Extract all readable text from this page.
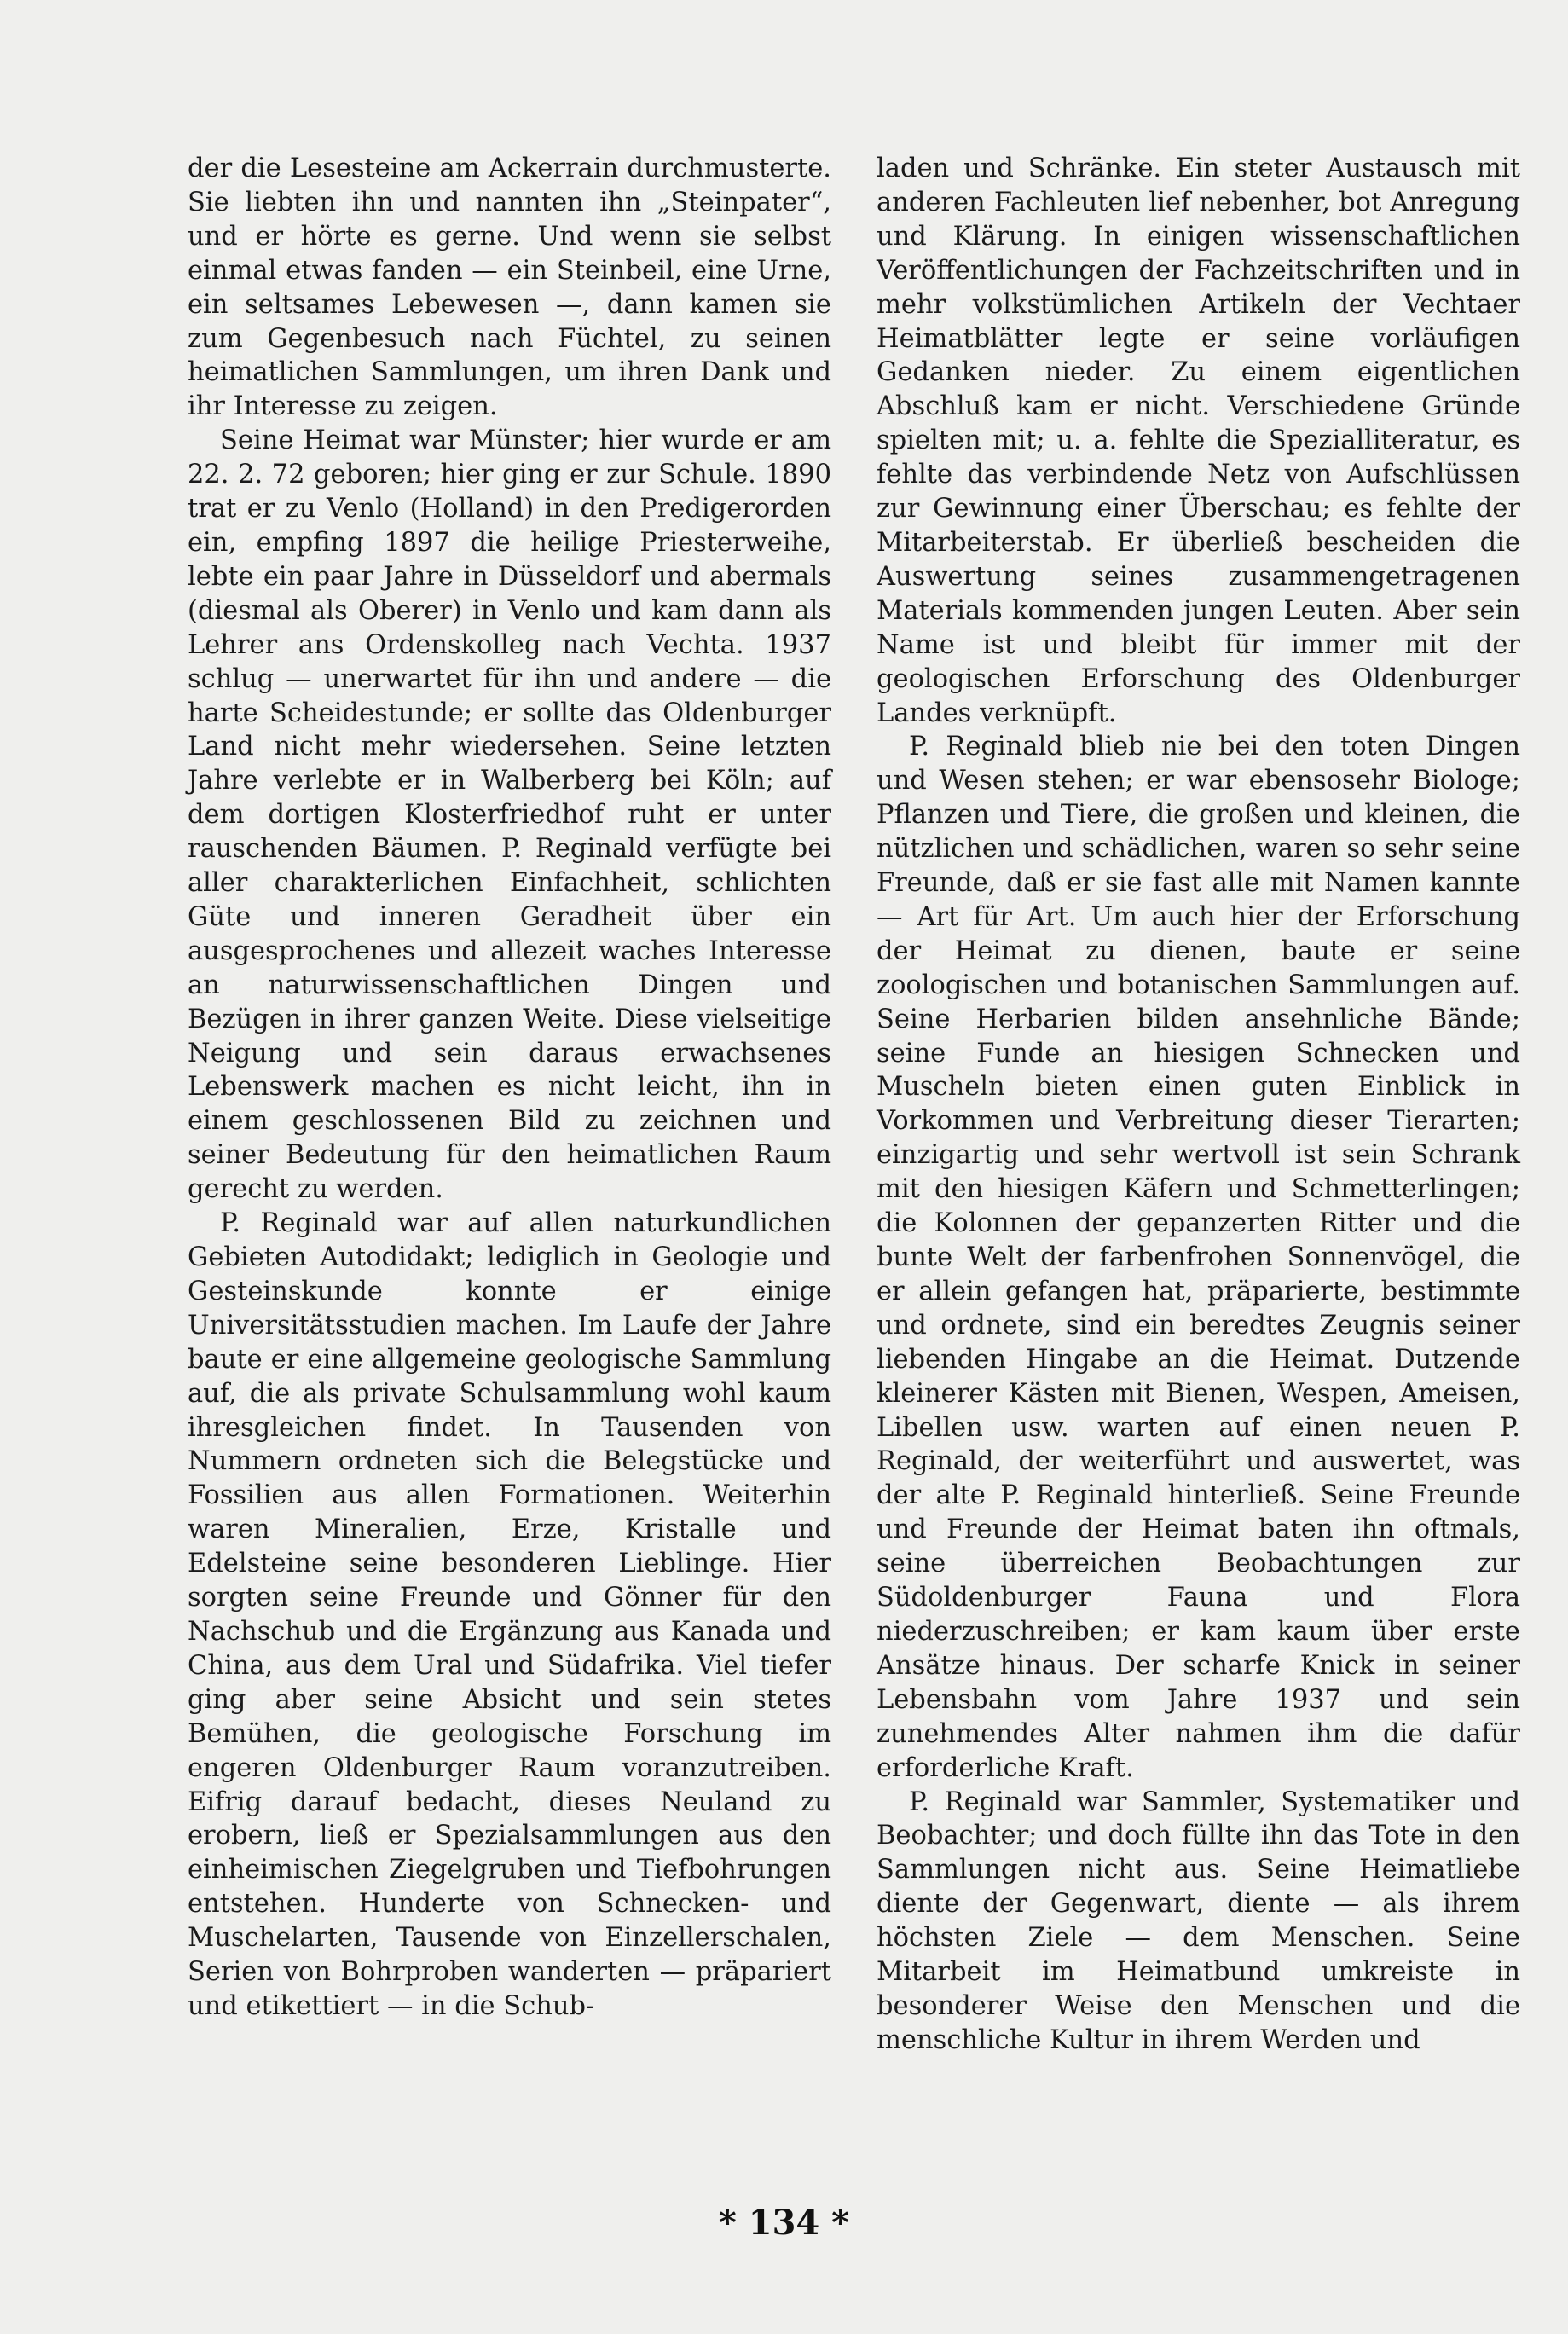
der die Lesesteine am Ackerrain durchmusterte. Sie liebten ihn und nannten ihn „Steinpater“, und er hörte es gerne. Und wenn sie selbst einmal etwas fanden — ein Steinbeil, eine Urne, ein seltsames Lebewesen —, dann kamen sie zum Gegenbesuch nach Füchtel, zu seinen heimatlichen Sammlungen, um ihren Dank und ihr Interesse zu zeigen.

Seine Heimat war Münster; hier wurde er am 22. 2. 72 geboren; hier ging er zur Schule. 1890 trat er zu Venlo (Holland) in den Predigerorden ein, empfing 1897 die heilige Priesterweihe, lebte ein paar Jahre in Düsseldorf und abermals (diesmal als Oberer) in Venlo und kam dann als Lehrer ans Ordenskolleg nach Vechta. 1937 schlug — unerwartet für ihn und andere — die harte Scheidestunde; er sollte das Oldenburger Land nicht mehr wiedersehen. Seine letzten Jahre verlebte er in Walberberg bei Köln; auf dem dortigen Klosterfriedhof ruht er unter rauschenden Bäumen. P. Reginald verfügte bei aller charakterlichen Einfachheit, schlichten Güte und inneren Geradheit über ein ausgesprochenes und allezeit waches Interesse an naturwissenschaftlichen Dingen und Bezügen in ihrer ganzen Weite. Diese vielseitige Neigung und sein daraus erwachsenes Lebenswerk machen es nicht leicht, ihn in einem geschlossenen Bild zu zeichnen und seiner Bedeutung für den heimatlichen Raum gerecht zu werden.

P. Reginald war auf allen naturkundlichen Gebieten Autodidakt; lediglich in Geologie und Gesteinskunde konnte er einige Universitätsstudien machen. Im Laufe der Jahre baute er eine allgemeine geologische Sammlung auf, die als private Schulsammlung wohl kaum ihresgleichen findet. In Tausenden von Nummern ordneten sich die Belegstücke und Fossilien aus allen Formationen. Weiterhin waren Mineralien, Erze, Kristalle und Edelsteine seine besonderen Lieblinge. Hier sorgten seine Freunde und Gönner für den Nachschub und die Ergänzung aus Kanada und China, aus dem Ural und Südafrika. Viel tiefer ging aber seine Absicht und sein stetes Bemühen, die geologische Forschung im engeren Oldenburger Raum voranzutreiben. Eifrig darauf bedacht, dieses Neuland zu erobern, ließ er Spezialsammlungen aus den einheimischen Ziegelgruben und Tiefbohrungen entstehen. Hunderte von Schnecken- und Muschelarten, Tausende von Einzellerschalen, Serien von Bohrproben wanderten — präpariert und etikettiert — in die Schub-

laden und Schränke. Ein steter Austausch mit anderen Fachleuten lief nebenher, bot Anregung und Klärung. In einigen wissenschaftlichen Veröffentlichungen der Fachzeitschriften und in mehr volkstümlichen Artikeln der Vechtaer Heimatblätter legte er seine vorläufigen Gedanken nieder. Zu einem eigentlichen Abschluß kam er nicht. Verschiedene Gründe spielten mit; u. a. fehlte die Spezialliteratur, es fehlte das verbindende Netz von Aufschlüssen zur Gewinnung einer Überschau; es fehlte der Mitarbeiterstab. Er überließ bescheiden die Auswertung seines zusammengetragenen Materials kommenden jungen Leuten. Aber sein Name ist und bleibt für immer mit der geologischen Erforschung des Oldenburger Landes verknüpft.

P. Reginald blieb nie bei den toten Dingen und Wesen stehen; er war ebensosehr Biologe; Pflanzen und Tiere, die großen und kleinen, die nützlichen und schädlichen, waren so sehr seine Freunde, daß er sie fast alle mit Namen kannte — Art für Art. Um auch hier der Erforschung der Heimat zu dienen, baute er seine zoologischen und botanischen Sammlungen auf. Seine Herbarien bilden ansehnliche Bände; seine Funde an hiesigen Schnecken und Muscheln bieten einen guten Einblick in Vorkommen und Verbreitung dieser Tierarten; einzigartig und sehr wertvoll ist sein Schrank mit den hiesigen Käfern und Schmetterlingen; die Kolonnen der gepanzerten Ritter und die bunte Welt der farbenfrohen Sonnenvögel, die er allein gefangen hat, präparierte, bestimmte und ordnete, sind ein beredtes Zeugnis seiner liebenden Hingabe an die Heimat. Dutzende kleinerer Kästen mit Bienen, Wespen, Ameisen, Libellen usw. warten auf einen neuen P. Reginald, der weiterführt und auswertet, was der alte P. Reginald hinterließ. Seine Freunde und Freunde der Heimat baten ihn oftmals, seine überreichen Beobachtungen zur Südoldenburger Fauna und Flora niederzuschreiben; er kam kaum über erste Ansätze hinaus. Der scharfe Knick in seiner Lebensbahn vom Jahre 1937 und sein zunehmendes Alter nahmen ihm die dafür erforderliche Kraft.

P. Reginald war Sammler, Systematiker und Beobachter; und doch füllte ihn das Tote in den Sammlungen nicht aus. Seine Heimatliebe diente der Gegenwart, diente — als ihrem höchsten Ziele — dem Menschen. Seine Mitarbeit im Heimatbund umkreiste in besonderer Weise den Menschen und die menschliche Kultur in ihrem Werden und

* 134 *
